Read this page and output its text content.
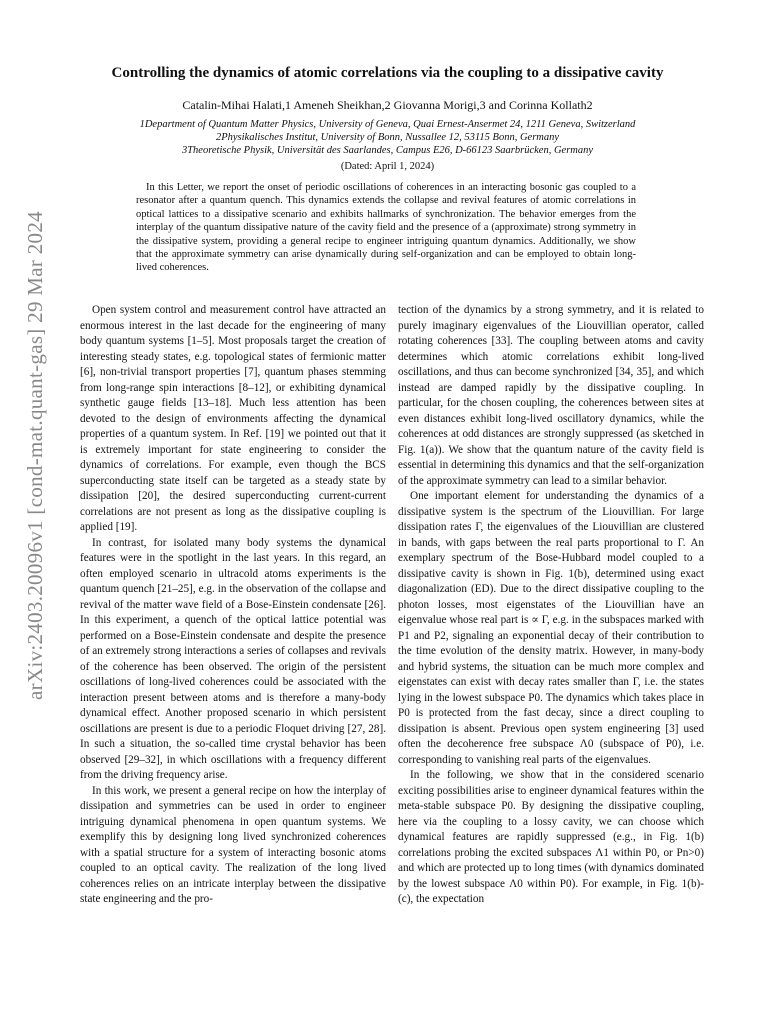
arXiv:2403.20096v1 [cond-mat.quant-gas] 29 Mar 2024
Controlling the dynamics of atomic correlations via the coupling to a dissipative cavity
Catalin-Mihai Halati,1 Ameneh Sheikhan,2 Giovanna Morigi,3 and Corinna Kollath2
1Department of Quantum Matter Physics, University of Geneva, Quai Ernest-Ansermet 24, 1211 Geneva, Switzerland
2Physikalisches Institut, University of Bonn, Nussallee 12, 53115 Bonn, Germany
3Theoretische Physik, Universität des Saarlandes, Campus E26, D-66123 Saarbrücken, Germany
(Dated: April 1, 2024)

In this Letter, we report the onset of periodic oscillations of coherences in an interacting bosonic gas coupled to a resonator after a quantum quench. This dynamics extends the collapse and revival features of atomic correlations in optical lattices to a dissipative scenario and exhibits hallmarks of synchronization. The behavior emerges from the interplay of the quantum dissipative nature of the cavity field and the presence of a (approximate) strong symmetry in the dissipative system, providing a general recipe to engineer intriguing quantum dynamics. Additionally, we show that the approximate symmetry can arise dynamically during self-organization and can be employed to obtain long-lived coherences.

Open system control and measurement control have attracted an enormous interest in the last decade for the engineering of many body quantum systems [1–5]. Most proposals target the creation of interesting steady states, e.g. topological states of fermionic matter [6], non-trivial transport properties [7], quantum phases stemming from long-range spin interactions [8–12], or exhibiting dynamical synthetic gauge fields [13–18]. Much less attention has been devoted to the design of environments affecting the dynamical properties of a quantum system. In Ref. [19] we pointed out that it is extremely important for state engineering to consider the dynamics of correlations. For example, even though the BCS superconducting state itself can be targeted as a steady state by dissipation [20], the desired superconducting current-current correlations are not present as long as the dissipative coupling is applied [19].

In contrast, for isolated many body systems the dynamical features were in the spotlight in the last years. In this regard, an often employed scenario in ultracold atoms experiments is the quantum quench [21–25], e.g. in the observation of the collapse and revival of the matter wave field of a Bose-Einstein condensate [26]. In this experiment, a quench of the optical lattice potential was performed on a Bose-Einstein condensate and despite the presence of an extremely strong interactions a series of collapses and revivals of the coherence has been observed. The origin of the persistent oscillations of long-lived coherences could be associated with the interaction present between atoms and is therefore a many-body dynamical effect. Another proposed scenario in which persistent oscillations are present is due to a periodic Floquet driving [27, 28]. In such a situation, the so-called time crystal behavior has been observed [29–32], in which oscillations with a frequency different from the driving frequency arise.

In this work, we present a general recipe on how the interplay of dissipation and symmetries can be used in order to engineer intriguing dynamical phenomena in open quantum systems. We exemplify this by designing long lived synchronized coherences with a spatial structure for a system of interacting bosonic atoms coupled to an optical cavity. The realization of the long lived coherences relies on an intricate interplay between the dissipative state engineering and the pro-

tection of the dynamics by a strong symmetry, and it is related to purely imaginary eigenvalues of the Liouvillian operator, called rotating coherences [33]. The coupling between atoms and cavity determines which atomic correlations exhibit long-lived oscillations, and thus can become synchronized [34, 35], and which instead are damped rapidly by the dissipative coupling. In particular, for the chosen coupling, the coherences between sites at even distances exhibit long-lived oscillatory dynamics, while the coherences at odd distances are strongly suppressed (as sketched in Fig. 1(a)). We show that the quantum nature of the cavity field is essential in determining this dynamics and that the self-organization of the approximate symmetry can lead to a similar behavior.

One important element for understanding the dynamics of a dissipative system is the spectrum of the Liouvillian. For large dissipation rates Γ, the eigenvalues of the Liouvillian are clustered in bands, with gaps between the real parts proportional to Γ. An exemplary spectrum of the Bose-Hubbard model coupled to a dissipative cavity is shown in Fig. 1(b), determined using exact diagonalization (ED). Due to the direct dissipative coupling to the photon losses, most eigenstates of the Liouvillian have an eigenvalue whose real part is ∝ Γ, e.g. in the subspaces marked with P1 and P2, signaling an exponential decay of their contribution to the time evolution of the density matrix. However, in many-body and hybrid systems, the situation can be much more complex and eigenstates can exist with decay rates smaller than Γ, i.e. the states lying in the lowest subspace P0. The dynamics which takes place in P0 is protected from the fast decay, since a direct coupling to dissipation is absent. Previous open system engineering [3] used often the decoherence free subspace Λ0 (subspace of P0), i.e. corresponding to vanishing real parts of the eigenvalues.

In the following, we show that in the considered scenario exciting possibilities arise to engineer dynamical features within the meta-stable subspace P0. By designing the dissipative coupling, here via the coupling to a lossy cavity, we can choose which dynamical features are rapidly suppressed (e.g., in Fig. 1(b) correlations probing the excited subspaces Λ1 within P0, or Pn>0) and which are protected up to long times (with dynamics dominated by the lowest subspace Λ0 within P0). For example, in Fig. 1(b)-(c), the expectation
